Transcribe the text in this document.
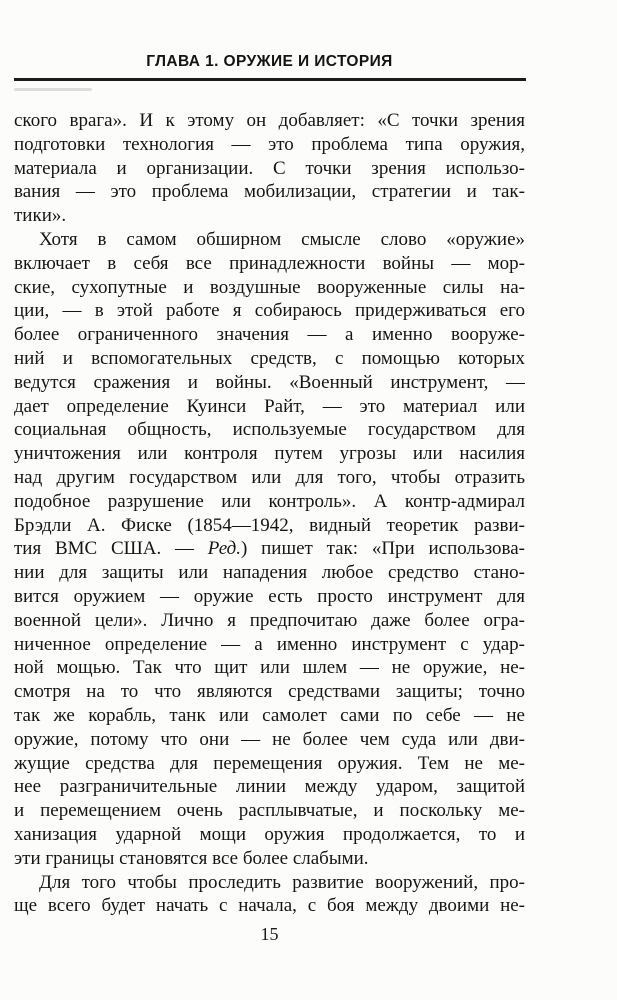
ГЛАВА 1. ОРУЖИЕ И ИСТОРИЯ
ского врага». И к этому он добавляет: «С точки зрения
подготовки технология — это проблема типа оружия,
материала и организации. С точки зрения использо-
вания — это проблема мобилизации, стратегии и так-
тики».
Хотя в самом обширном смысле слово «оружие»
включает в себя все принадлежности войны — мор-
ские, сухопутные и воздушные вооруженные силы на-
ции, — в этой работе я собираюсь придерживаться его
более ограниченного значения — а именно вооруже-
ний и вспомогательных средств, с помощью которых
ведутся сражения и войны. «Военный инструмент, —
дает определение Куинси Райт, — это материал или
социальная общность, используемые государством для
уничтожения или контроля путем угрозы или насилия
над другим государством или для того, чтобы отразить
подобное разрушение или контроль». А контр-адмирал
Брэдли А. Фиске (1854—1942, видный теоретик разви-
тия ВМС США. — Ред.) пишет так: «При использова-
нии для защиты или нападения любое средство стано-
вится оружием — оружие есть просто инструмент для
военной цели». Лично я предпочитаю даже более огра-
ниченное определение — а именно инструмент с удар-
ной мощью. Так что щит или шлем — не оружие, не-
смотря на то что являются средствами защиты; точно
так же корабль, танк или самолет сами по себе — не
оружие, потому что они — не более чем суда или дви-
жущие средства для перемещения оружия. Тем не ме-
нее разграничительные линии между ударом, защитой
и перемещением очень расплывчатые, и поскольку ме-
ханизация ударной мощи оружия продолжается, то и
эти границы становятся все более слабыми.
Для того чтобы проследить развитие вооружений, про-
ще всего будет начать с начала, с боя между двоими не-
15
